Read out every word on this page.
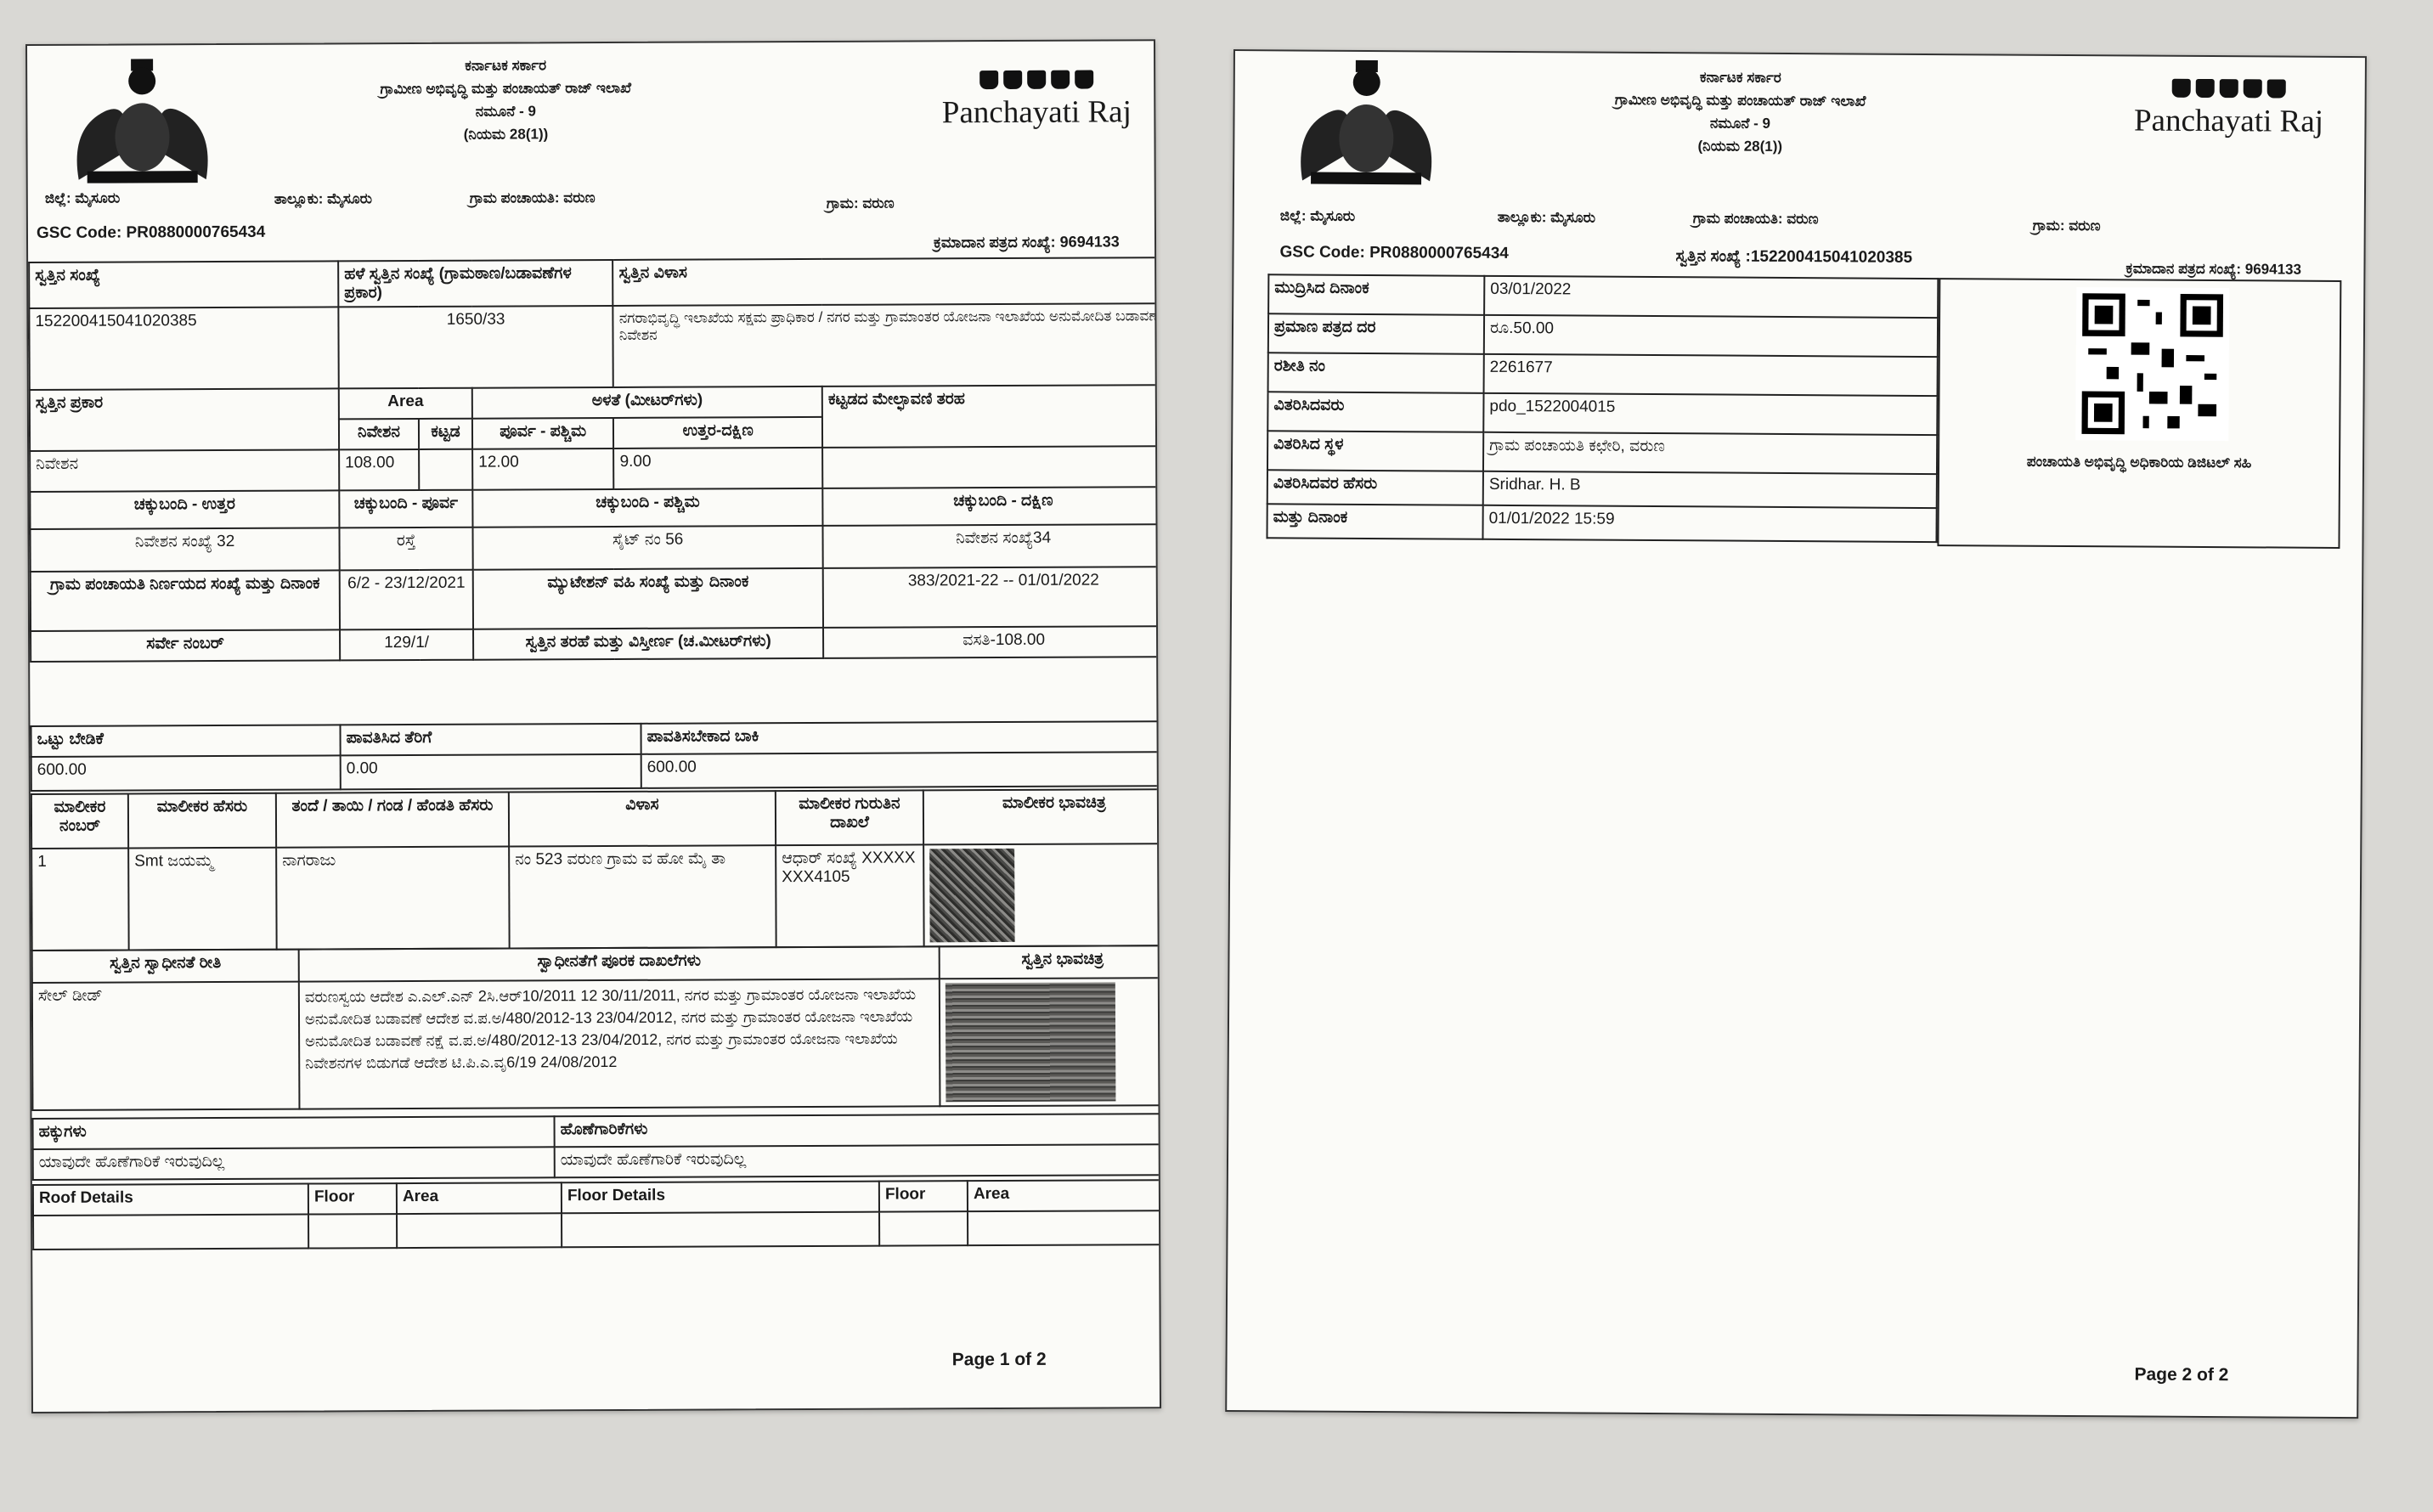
ಕರ್ನಾಟಕ ಸರ್ಕಾರ
ಗ್ರಾಮೀಣ ಅಭಿವೃದ್ಧಿ ಮತ್ತು ಪಂಚಾಯತ್ ರಾಜ್ ಇಲಾಖೆ
ನಮೂನೆ - 9
(ನಿಯಮ 28(1))
Panchayati Raj
ಜಿಲ್ಲೆ: ಮೈಸೂರು	ತಾಲ್ಲೂಕು: ಮೈಸೂರು	ಗ್ರಾಮ ಪಂಚಾಯತಿ: ವರುಣ	ಗ್ರಾಮ: ವರುಣ
GSC Code: PR0880000765434	ಕ್ರಮಾದಾನ ಪತ್ರದ ಸಂಖ್ಯೆ: 9694133
ಸ್ವತ್ತಿನ ಸಂಖ್ಯೆ	ಹಳೆ ಸ್ವತ್ತಿನ ಸಂಖ್ಯೆ (ಗ್ರಾಮಠಾಣ/ಬಡಾವಣೆಗಳ ಪ್ರಕಾರ)			ಸ್ವತ್ತಿನ ವಿಳಾಸ	
152200415041020385	1650/33			ನಗರಾಭಿವೃದ್ಧಿ ಇಲಾಖೆಯ ಸಕ್ಷಮ ಪ್ರಾಧಿಕಾರ / ನಗರ ಮತ್ತು ಗ್ರಾಮಾಂತರ ಯೋಜನಾ ಇಲಾಖೆಯ ಅನುಮೋದಿತ ಬಡಾವಣೆ ನಿವೇಶನ	
ಸ್ವತ್ತಿನ ಪ್ರಕಾರ	Area		ಅಳತೆ (ಮೀಟರ್‌ಗಳು)		ಕಟ್ಟಡದ ಮೇಲ್ಛಾವಣಿ ತರಹ
	ನಿವೇಶನ	ಕಟ್ಟಡ	ಪೂರ್ವ - ಪಶ್ಚಿಮ	ಉತ್ತರ-ದಕ್ಷಿಣ	
ನಿವೇಶನ	108.00		12.00	9.00	
ಚಕ್ಕುಬಂದಿ - ಉತ್ತರ	ಚಕ್ಕುಬಂದಿ - ಪೂರ್ವ		ಚಕ್ಕುಬಂದಿ - ಪಶ್ಚಿಮ		ಚಕ್ಕುಬಂದಿ - ದಕ್ಷಿಣ
ನಿವೇಶನ ಸಂಖ್ಯೆ 32	ರಸ್ತೆ		ಸೈಟ್ ನಂ 56		ನಿವೇಶನ ಸಂಖ್ಯೆ34
ಗ್ರಾಮ ಪಂಚಾಯತಿ ನಿರ್ಣಯದ ಸಂಖ್ಯೆ ಮತ್ತು ದಿನಾಂಕ	6/2 - 23/12/2021		ಮ್ಯುಟೇಶನ್ ವಹಿ ಸಂಖ್ಯೆ ಮತ್ತು ದಿನಾಂಕ		383/2021-22 -- 01/01/2022
ಸರ್ವೇ ನಂಬರ್	129/1/		ಸ್ವತ್ತಿನ ತರಹೆ ಮತ್ತು ವಿಸ್ತೀರ್ಣ (ಚ.ಮೀಟರ್‌ಗಳು)		ವಸತಿ-108.00
ಒಟ್ಟು ಬೇಡಿಕೆ	ಪಾವತಿಸಿದ ತೆರಿಗೆ	ಪಾವತಿಸಬೇಕಾದ ಬಾಕಿ
600.00	0.00	600.00
ಮಾಲೀಕರ ನಂಬರ್	ಮಾಲೀಕರ ಹೆಸರು	ತಂದೆ / ತಾಯಿ / ಗಂಡ / ಹೆಂಡತಿ ಹೆಸರು	ವಿಳಾಸ	ಮಾಲೀಕರ ಗುರುತಿನ ದಾಖಲೆ	ಮಾಲೀಕರ ಭಾವಚಿತ್ರ
1	Smt ಜಯಮ್ಮ	ನಾಗರಾಜು	ನಂ 523 ವರುಣ ಗ್ರಾಮ ವ ಹೋ ಮೈ ತಾ	ಆಧಾರ್ ಸಂಖ್ಯೆ XXXXXXXX4105	
ಸ್ವತ್ತಿನ ಸ್ವಾಧೀನತೆ ರೀತಿ	ಸ್ವಾಧೀನತೆಗೆ ಪೂರಕ ದಾಖಲೆಗಳು	ಸ್ವತ್ತಿನ ಭಾವಚಿತ್ರ
ಸೇಲ್ ಡೀಡ್	ವರುಣಸ್ವಯ ಆದೇಶ ಎ.ಎಲ್.ಎನ್ 2ಸಿ.ಆರ್10/2011 12 30/11/2011, ನಗರ ಮತ್ತು ಗ್ರಾಮಾಂತರ ಯೋಜನಾ ಇಲಾಖೆಯ ಅನುಮೋದಿತ ಬಡಾವಣೆ ಆದೇಶ ವ.ಪ.ಅ/480/2012-13 23/04/2012, ನಗರ ಮತ್ತು ಗ್ರಾಮಾಂತರ ಯೋಜನಾ ಇಲಾಖೆಯ ಅನುಮೋದಿತ ಬಡಾವಣೆ ನಕ್ಷೆ ವ.ಪ.ಅ/480/2012-13 23/04/2012, ನಗರ ಮತ್ತು ಗ್ರಾಮಾಂತರ ಯೋಜನಾ ಇಲಾಖೆಯ ನಿವೇಶನಗಳ ಬಿಡುಗಡೆ ಆದೇಶ ಟಿ.ಪಿ.ಎ.ವೃ6/19 24/08/2012	
ಹಕ್ಕುಗಳು	ಹೊಣೆಗಾರಿಕೆಗಳು
ಯಾವುದೇ ಹೊಣೆಗಾರಿಕೆ ಇರುವುದಿಲ್ಲ	ಯಾವುದೇ ಹೊಣೆಗಾರಿಕೆ ಇರುವುದಿಲ್ಲ
Roof Details	Floor	Area	Floor Details	Floor	Area

Page 1 of 2
ಕರ್ನಾಟಕ ಸರ್ಕಾರ
ಗ್ರಾಮೀಣ ಅಭಿವೃದ್ಧಿ ಮತ್ತು ಪಂಚಾಯತ್ ರಾಜ್ ಇಲಾಖೆ
ನಮೂನೆ - 9
(ನಿಯಮ 28(1))
Panchayati Raj
ಜಿಲ್ಲೆ: ಮೈಸೂರು	ತಾಲ್ಲೂಕು: ಮೈಸೂರು	ಗ್ರಾಮ ಪಂಚಾಯತಿ: ವರುಣ	ಗ್ರಾಮ: ವರುಣ
GSC Code: PR0880000765434	ಸ್ವತ್ತಿನ ಸಂಖ್ಯೆ :152200415041020385
ಕ್ರಮಾದಾನ ಪತ್ರದ ಸಂಖ್ಯೆ: 9694133
ಮುದ್ರಿಸಿದ ದಿನಾಂಕ	03/01/2022
ಪ್ರಮಾಣ ಪತ್ರದ ದರ	ರೂ.50.00
ರಶೀತಿ ನಂ	2261677
ವಿತರಿಸಿದವರು	pdo_1522004015
ವಿತರಿಸಿದ ಸ್ಥಳ	ಗ್ರಾಮ ಪಂಚಾಯತಿ ಕಛೇರಿ, ವರುಣ
ವಿತರಿಸಿದವರ ಹೆಸರು	Sridhar. H. B
ಮತ್ತು ದಿನಾಂಕ	01/01/2022 15:59
ಪಂಚಾಯತಿ ಅಭಿವೃದ್ಧಿ ಅಧಿಕಾರಿಯ ಡಿಜಿಟಲ್ ಸಹಿ
Page 2 of 2
